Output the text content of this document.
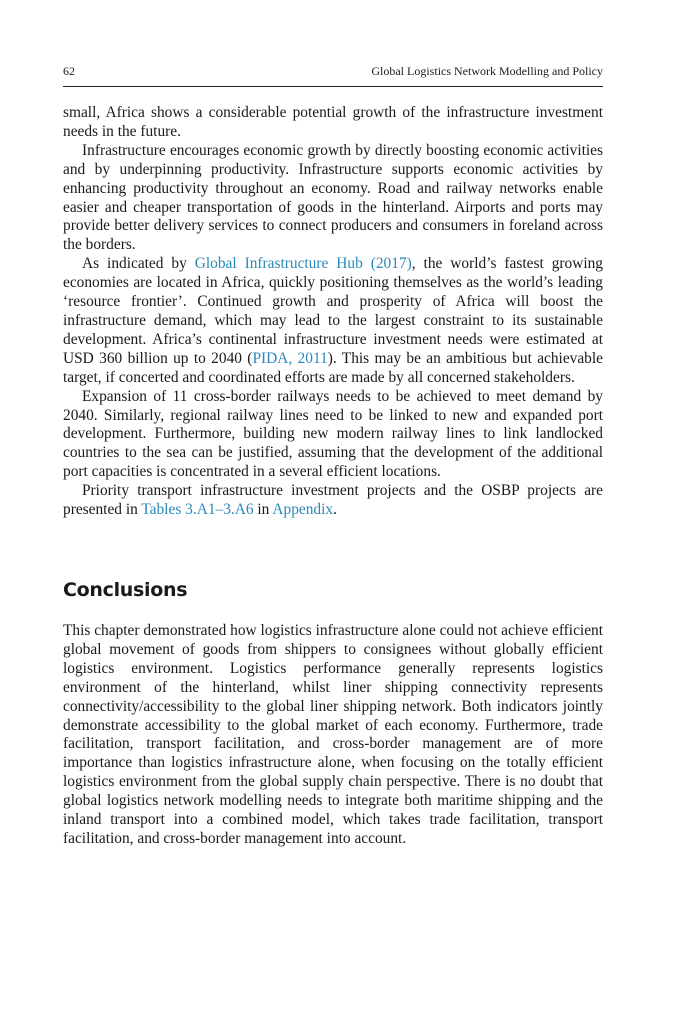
62	Global Logistics Network Modelling and Policy

small, Africa shows a considerable potential growth of the infrastructure investment needs in the future.

Infrastructure encourages economic growth by directly boosting economic activities and by underpinning productivity. Infrastructure supports economic activities by enhancing productivity throughout an economy. Road and railway networks enable easier and cheaper transportation of goods in the hinterland. Airports and ports may provide better delivery services to connect producers and consumers in foreland across the borders.

As indicated by Global Infrastructure Hub (2017), the world’s fastest growing economies are located in Africa, quickly positioning themselves as the world’s leading ‘resource frontier’. Continued growth and prosperity of Africa will boost the infrastructure demand, which may lead to the largest constraint to its sustainable development. Africa’s continental infrastructure investment needs were estimated at USD 360 billion up to 2040 (PIDA, 2011). This may be an ambitious but achievable target, if concerted and coordinated efforts are made by all concerned stakeholders.

Expansion of 11 cross-border railways needs to be achieved to meet demand by 2040. Similarly, regional railway lines need to be linked to new and expanded port development. Furthermore, building new modern railway lines to link landlocked countries to the sea can be justified, assuming that the development of the additional port capacities is concentrated in a several efficient locations.

Priority transport infrastructure investment projects and the OSBP projects are presented in Tables 3.A1–3.A6 in Appendix.

Conclusions

This chapter demonstrated how logistics infrastructure alone could not achieve efficient global movement of goods from shippers to consignees without globally efficient logistics environment. Logistics performance generally represents logistics environment of the hinterland, whilst liner shipping connectivity represents connectivity/accessibility to the global liner shipping network. Both indicators jointly demonstrate accessibility to the global market of each economy. Furthermore, trade facilitation, transport facilitation, and cross-border management are of more importance than logistics infrastructure alone, when focusing on the totally efficient logistics environment from the global supply chain perspective. There is no doubt that global logistics network modelling needs to integrate both maritime shipping and the inland transport into a combined model, which takes trade facilitation, transport facilitation, and cross-border management into account.
